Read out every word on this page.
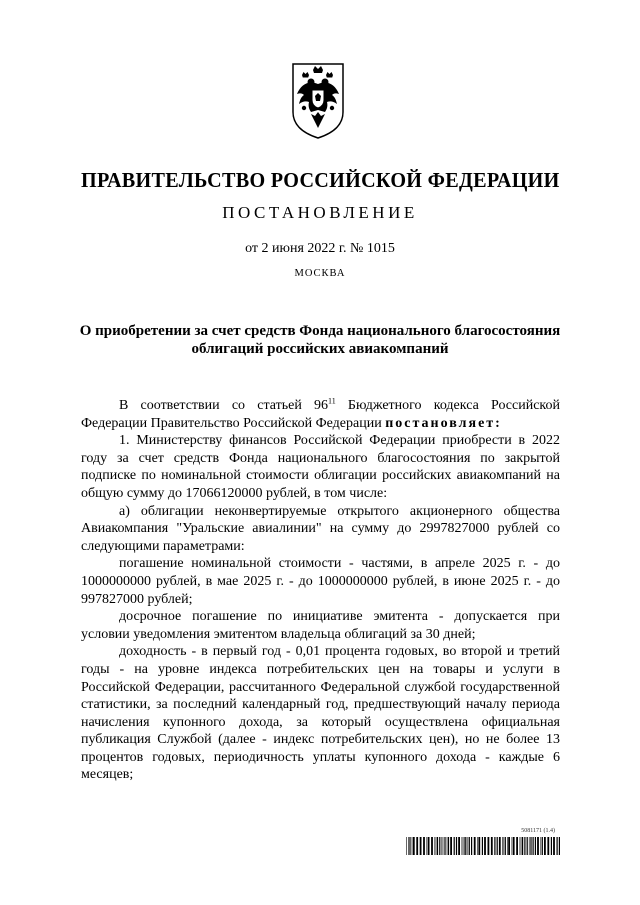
ПРАВИТЕЛЬСТВО РОССИЙСКОЙ ФЕДЕРАЦИИ
ПОСТАНОВЛЕНИЕ
от 2 июня 2022 г. № 1015
МОСКВА
О приобретении за счет средств Фонда национального благосостояния
облигаций российских авиакомпаний

В соответствии со статьей $96^{11}$ Бюджетного кодекса Российской Федерации Правительство Российской Федерации постановляет:

1. Министерству финансов Российской Федерации приобрести в 2022 году за счет средств Фонда национального благосостояния по закрытой подписке по номинальной стоимости облигации российских авиакомпаний на общую сумму до 17066120000 рублей, в том числе:

а) облигации неконвертируемые открытого акционерного общества Авиакомпания "Уральские авиалинии" на сумму до 2997827000 рублей со следующими параметрами:

погашение номинальной стоимости - частями, в апреле 2025 г. - до 1000000000 рублей, в мае 2025 г. - до 1000000000 рублей, в июне 2025 г. - до 997827000 рублей;

досрочное погашение по инициативе эмитента - допускается при условии уведомления эмитентом владельца облигаций за 30 дней;

доходность - в первый год - 0,01 процента годовых, во второй и третий годы - на уровне индекса потребительских цен на товары и услуги в Российской Федерации, рассчитанного Федеральной службой государственной статистики, за последний календарный год, предшествующий началу периода начисления купонного дохода, за который осуществлена официальная публикация Службой (далее - индекс потребительских цен), но не более 13 процентов годовых, периодичность уплаты купонного дохода - каждые 6 месяцев;

5081171 (1.4)
